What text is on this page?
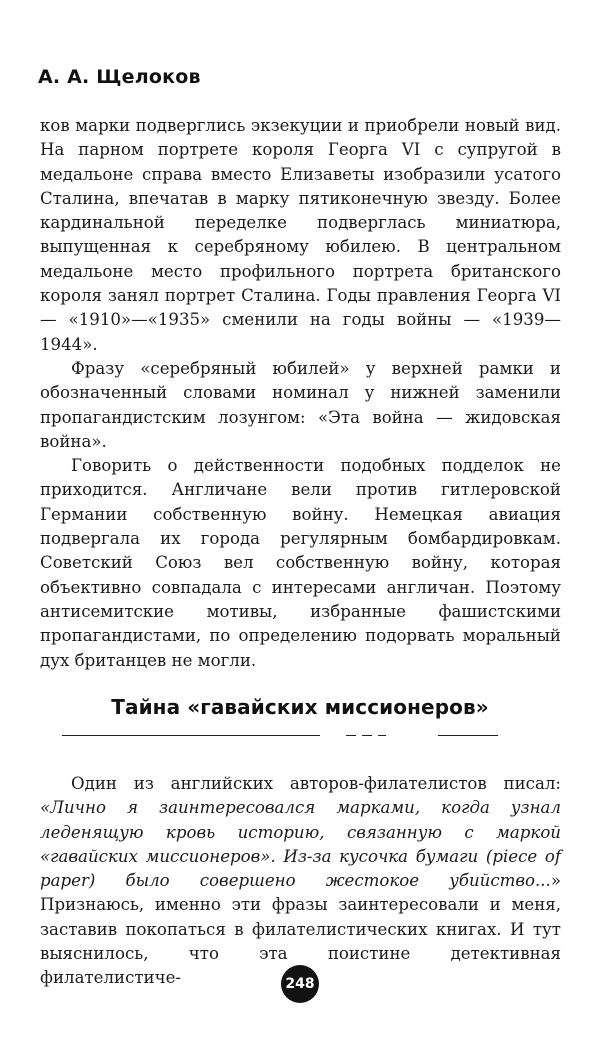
А. А. Щелоков

ков марки подверглись экзекуции и приобрели новый вид. На парном портрете короля Георга VI с супругой в медальоне справа вместо Елизаветы изобразили усатого Сталина, впечатав в марку пятиконечную звезду. Более кардинальной переделке подверглась миниатюра, выпущенная к серебряному юбилею. В центральном медальоне место профильного портрета британского короля занял портрет Сталина. Годы правления Георга VI — «1910»—«1935» сменили на годы войны — «1939—1944».

Фразу «серебряный юбилей» у верхней рамки и обозначенный словами номинал у нижней заменили пропагандистским лозунгом: «Эта война — жидовская война».

Говорить о действенности подобных подделок не приходится. Англичане вели против гитлеровской Германии собственную войну. Немецкая авиация подвергала их города регулярным бомбардировкам. Советский Союз вел собственную войну, которая объективно совпадала с интересами англичан. Поэтому антисемитские мотивы, избранные фашистскими пропагандистами, по определению подорвать моральный дух британцев не могли.

Тайна «гавайских миссионеров»

Один из английских авторов-филателистов писал: «Лично я заинтересовался марками, когда узнал леденящую кровь историю, связанную с маркой «гавайских миссионеров». Из-за кусочка бумаги (piece of paper) было совершено жестокое убийство...» Признаюсь, именно эти фразы заинтересовали и меня, заставив покопаться в филателистических книгах. И тут выяснилось, что эта поистине детективная филателистиче-	248
